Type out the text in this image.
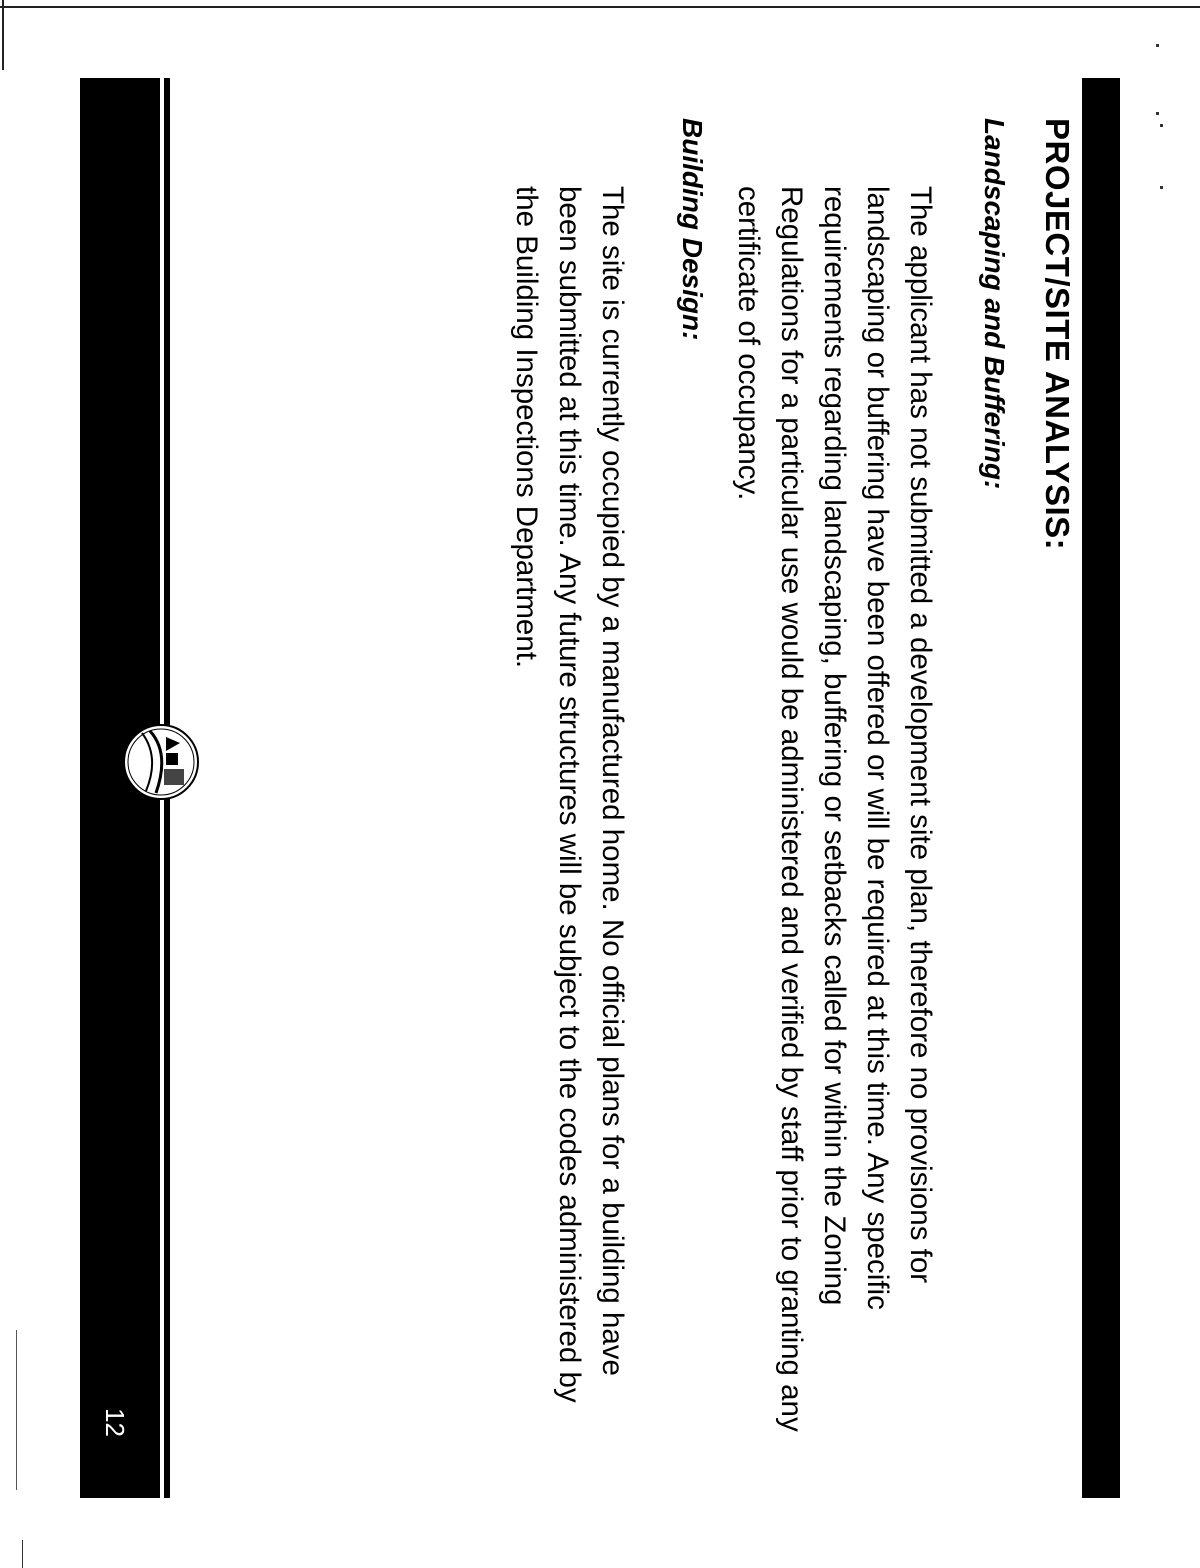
PROJECT/SITE ANALYSIS:
Landscaping and Buffering:

The applicant has not submitted a development site plan, therefore no provisions for landscaping or buffering have been offered or will be required at this time. Any specific requirements regarding landscaping, buffering or setbacks called for within the Zoning Regulations for a particular use would be administered and verified by staff prior to granting any certificate of occupancy.

Building Design:

The site is currently occupied by a manufactured home. No official plans for a building have been submitted at this time. Any future structures will be subject to the codes administered by the Building Inspections Department.

12
